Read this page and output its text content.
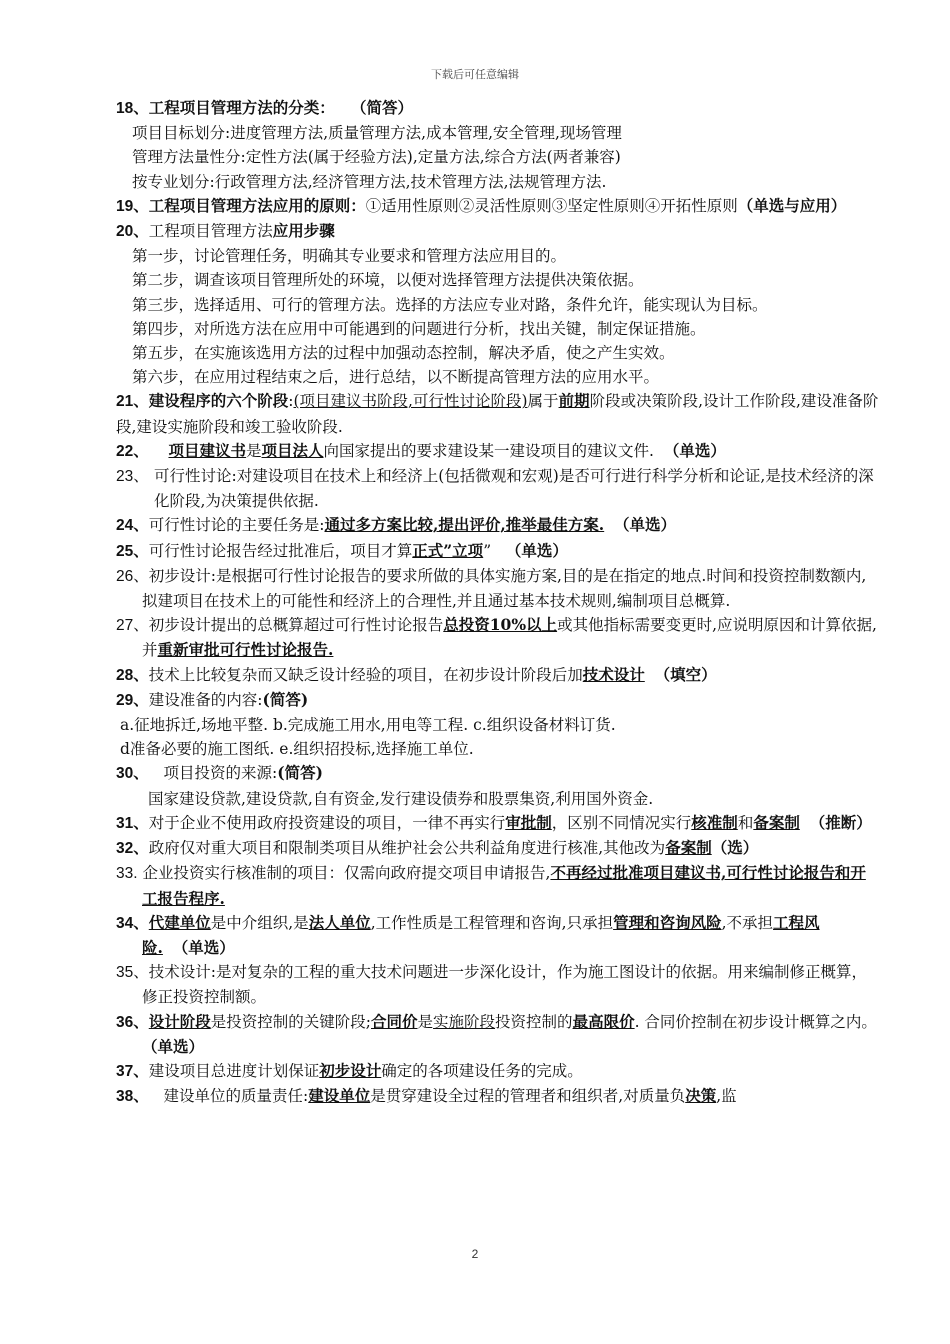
下载后可任意编辑

18、工程项目管理方法的分类： （简答）

项目目标划分:进度管理方法,质量管理方法,成本管理,安全管理,现场管理

管理方法量性分:定性方法(属于经验方法),定量方法,综合方法(两者兼容)

按专业划分:行政管理方法,经济管理方法,技术管理方法,法规管理方法.

19、工程项目管理方法应用的原则：①适用性原则②灵活性原则③坚定性原则④开拓性原则（单选与应用）

20、工程项目管理方法应用步骤

第一步，讨论管理任务，明确其专业要求和管理方法应用目的。

第二步，调查该项目管理所处的环境，以便对选择管理方法提供决策依据。

第三步，选择适用、可行的管理方法。选择的方法应专业对路，条件允许，能实现认为目标。

第四步，对所选方法在应用中可能遇到的问题进行分析，找出关键，制定保证措施。

第五步，在实施该选用方法的过程中加强动态控制，解决矛盾，使之产生实效。

第六步，在应用过程结束之后，进行总结，以不断提高管理方法的应用水平。

21、建设程序的六个阶段:(项目建议书阶段,可行性讨论阶段)属于前期阶段或决策阶段,设计工作阶段,建设准备阶段,建设实施阶段和竣工验收阶段.

22、 项目建议书是项目法人向国家提出的要求建设某一建设项目的建议文件. （单选）

23、 可行性讨论:对建设项目在技术上和经济上(包括微观和宏观)是否可行进行科学分析和论证,是技术经济的深化阶段,为决策提供依据.

24、可行性讨论的主要任务是:通过多方案比较,提出评价,推举最佳方案. （单选）

25、可行性讨论报告经过批准后，项目才算正式”立项” （单选）

26、初步设计:是根据可行性讨论报告的要求所做的具体实施方案,目的是在指定的地点.时间和投资控制数额内,拟建项目在技术上的可能性和经济上的合理性,并且通过基本技术规则,编制项目总概算.

27、初步设计提出的总概算超过可行性讨论报告总投资10%以上或其他指标需要变更时,应说明原因和计算依据,并重新审批可行性讨论报告.

28、技术上比较复杂而又缺乏设计经验的项目，在初步设计阶段后加技术设计 （填空）

29、建设准备的内容:(简答)

a.征地拆迁,场地平整. b.完成施工用水,用电等工程. c.组织设备材料订货.

d准备必要的施工图纸. e.组织招投标,选择施工单位.

30、 项目投资的来源:(简答)

国家建设贷款,建设贷款,自有资金,发行建设债券和股票集资,利用国外资金.

31、对于企业不使用政府投资建设的项目，一律不再实行审批制，区别不同情况实行核准制和备案制 （推断）

32、政府仅对重大项目和限制类项目从维护社会公共利益角度进行核准,其他改为备案制（选）

33. 企业投资实行核准制的项目：仅需向政府提交项目申请报告,不再经过批准项目建议书,可行性讨论报告和开工报告程序.

34、代建单位是中介组织,是法人单位,工作性质是工程管理和咨询,只承担管理和咨询风险,不承担工程风险. （单选）

35、技术设计:是对复杂的工程的重大技术问题进一步深化设计，作为施工图设计的依据。用来编制修正概算，修正投资控制额。

36、设计阶段是投资控制的关键阶段;合同价是实施阶段投资控制的最高限价. 合同价控制在初步设计概算之内。（单选）

37、建设项目总进度计划保证初步设计确定的各项建设任务的完成。

38、 建设单位的质量责任:建设单位是贯穿建设全过程的管理者和组织者,对质量负决策,监

2
